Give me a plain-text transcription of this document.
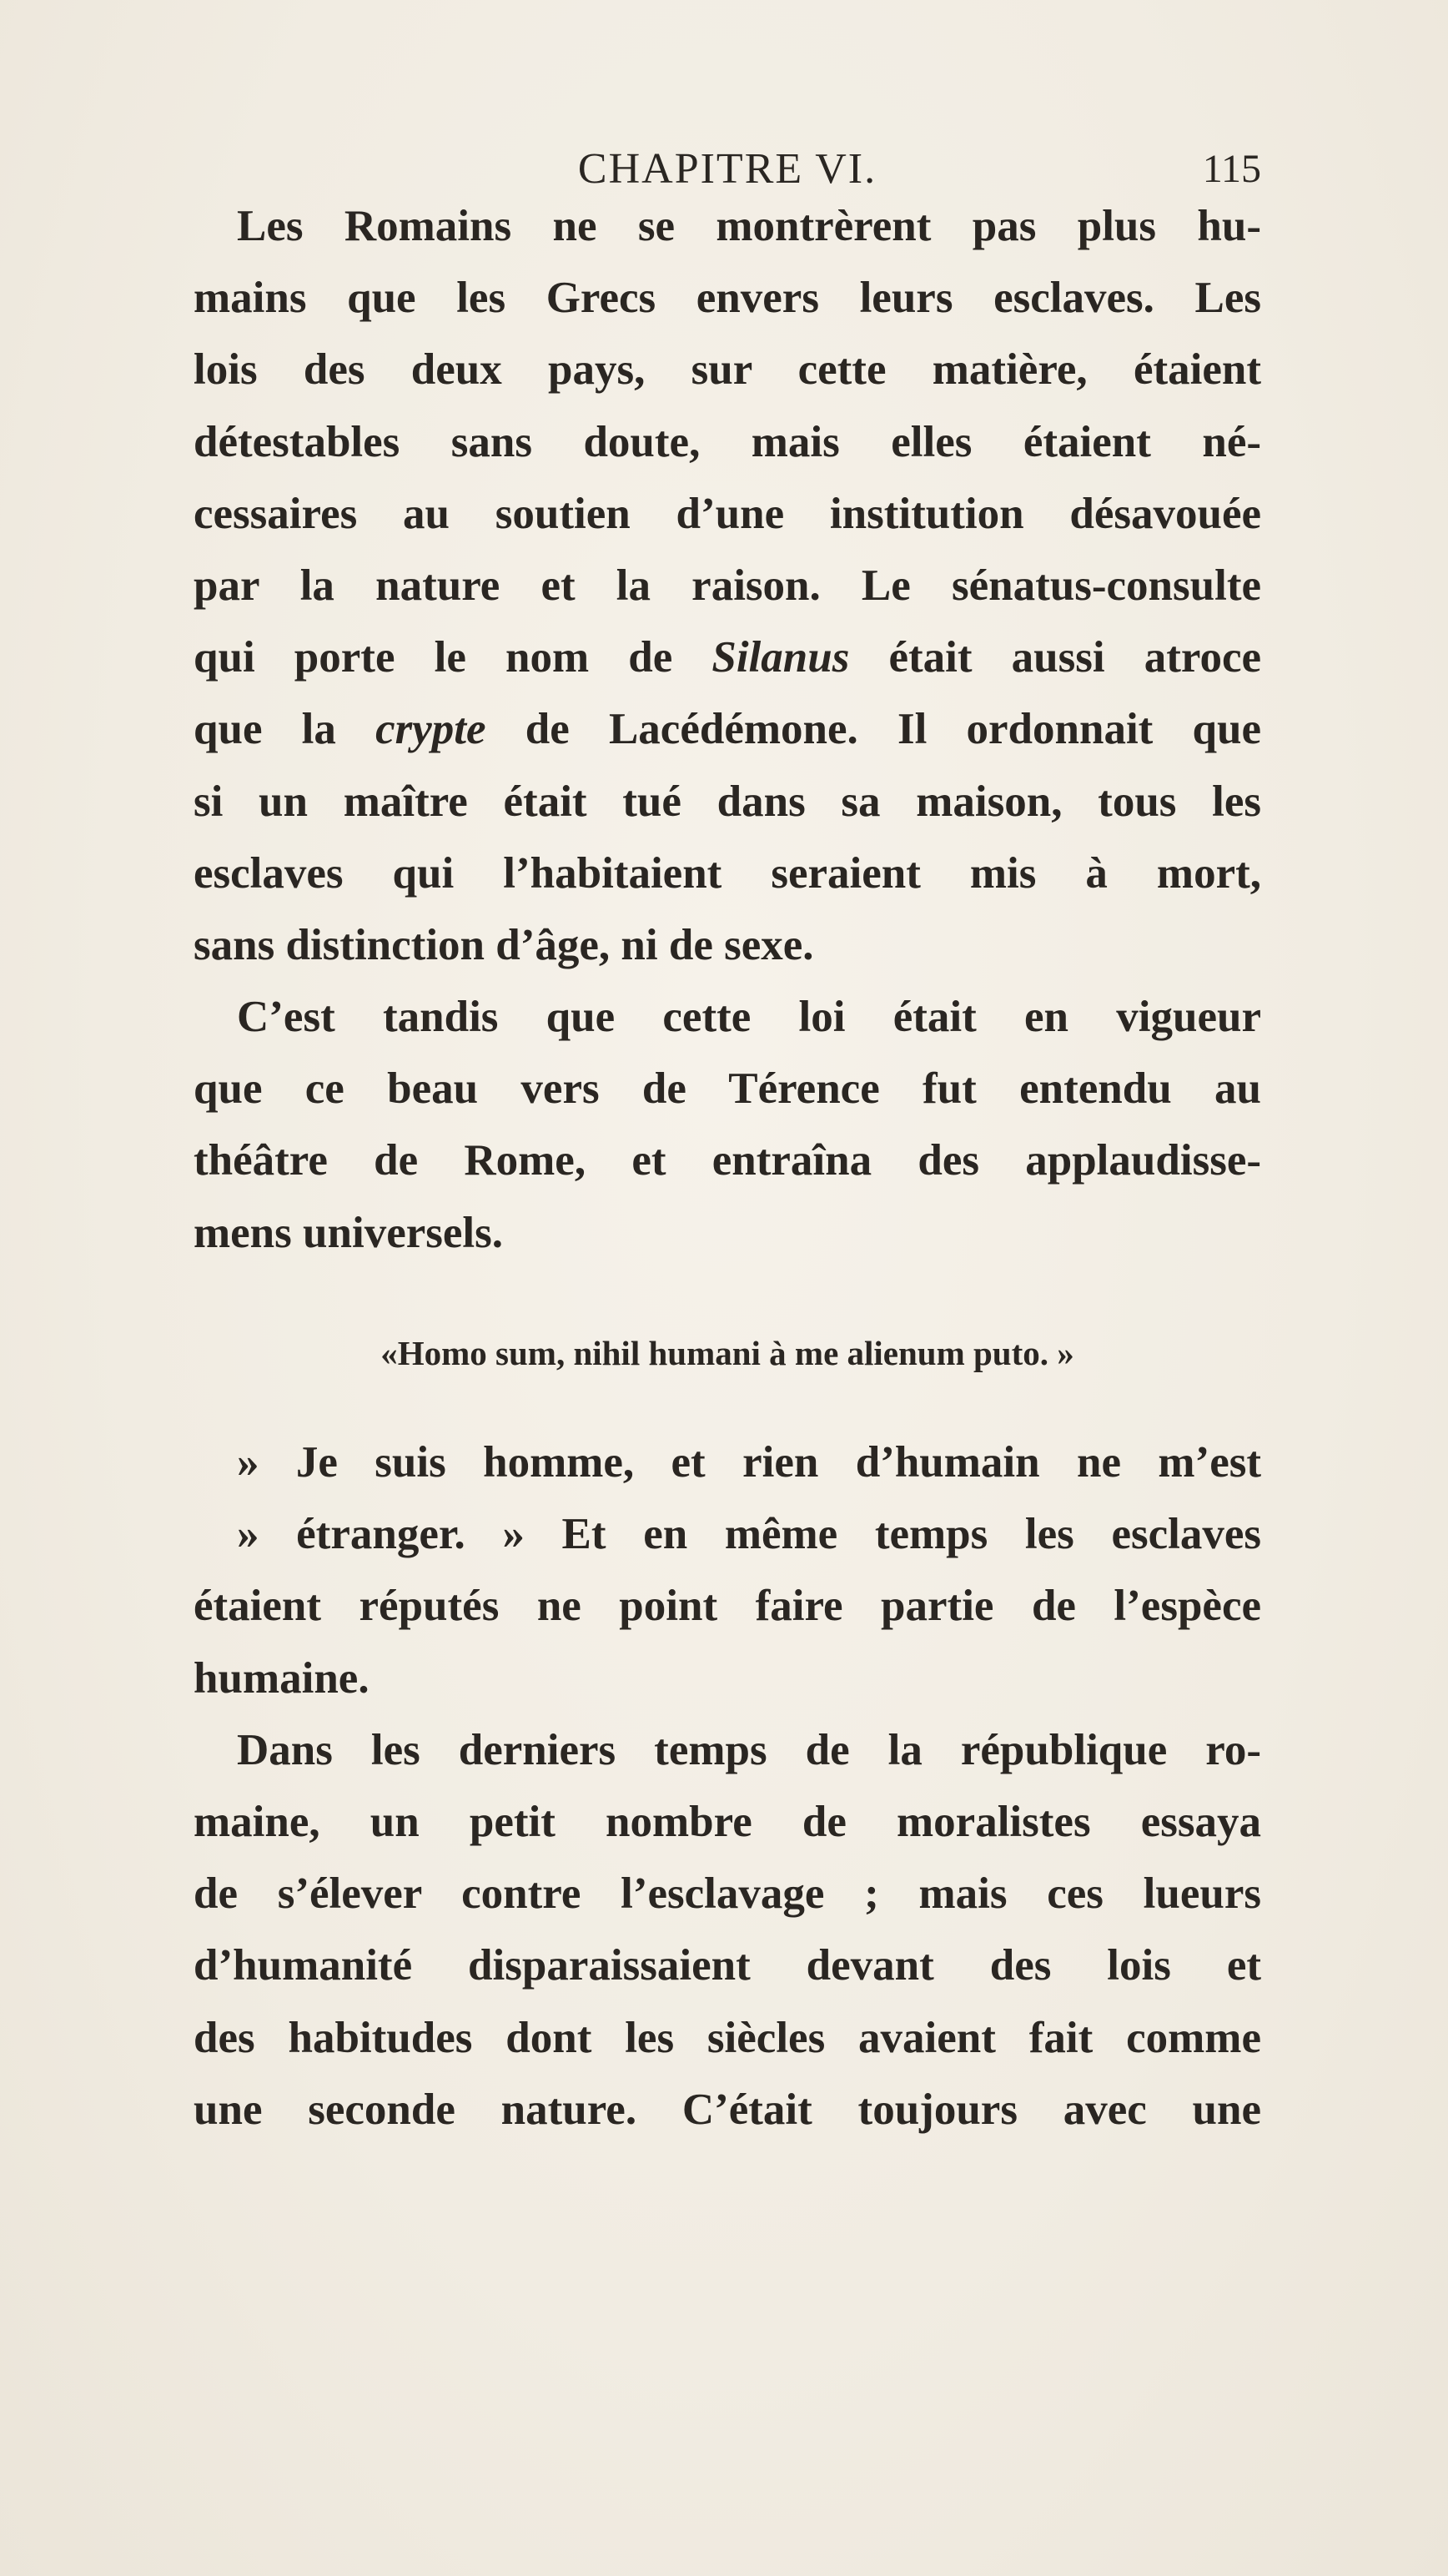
CHAPITRE VI.	115
Les Romains ne se montrèrent pas plus hu-
mains que les Grecs envers leurs esclaves. Les
lois des deux pays, sur cette matière, étaient
détestables sans doute, mais elles étaient né-
cessaires au soutien d’une institution désavouée
par la nature et la raison. Le sénatus-consulte
qui porte le nom de Silanus était aussi atroce
que la crypte de Lacédémone. Il ordonnait que
si un maître était tué dans sa maison, tous les
esclaves qui l’habitaient seraient mis à mort,
sans distinction d’âge, ni de sexe.
C’est tandis que cette loi était en vigueur
que ce beau vers de Térence fut entendu au
théâtre de Rome, et entraîna des applaudisse-
mens universels.
«Homo sum, nihil humani à me alienum puto. »
» Je suis homme, et rien d’humain ne m’est
» étranger. » Et en même temps les esclaves
étaient réputés ne point faire partie de l’espèce
humaine.
Dans les derniers temps de la république ro-
maine, un petit nombre de moralistes essaya
de s’élever contre l’esclavage ; mais ces lueurs
d’humanité disparaissaient devant des lois et
des habitudes dont les siècles avaient fait comme
une seconde nature. C’était toujours avec une
